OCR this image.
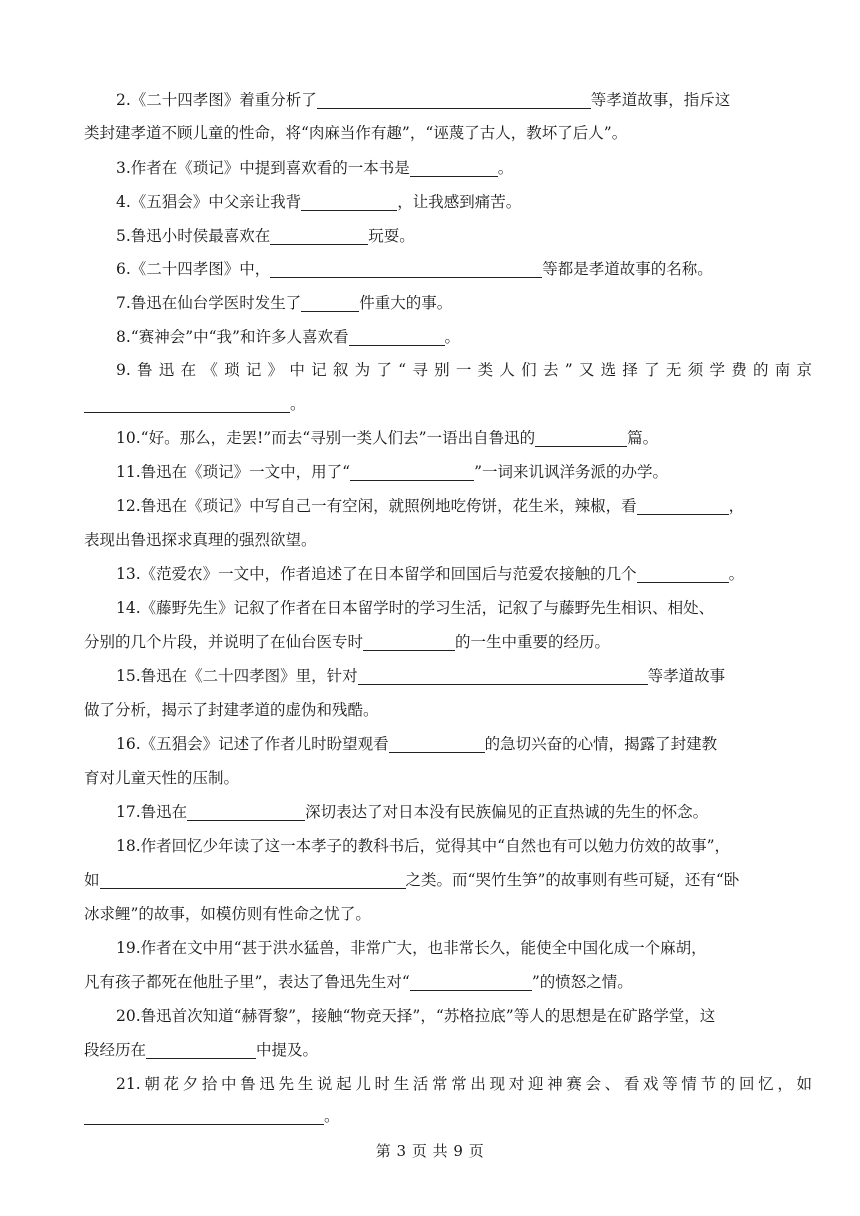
2.《二十四孝图》着重分析了	等孝道故事，指斥这
类封建孝道不顾儿童的性命，将“肉麻当作有趣”，“诬蔑了古人，教坏了后人”。
3.作者在《琐记》中提到喜欢看的一本书是	。
4.《五猖会》中父亲让我背	，让我感到痛苦。
5.鲁迅小时侯最喜欢在	玩耍。
6.《二十四孝图》中，	等都是孝道故事的名称。
7.鲁迅在仙台学医时发生了	件重大的事。
8.“赛神会”中“我”和许多人喜欢看	。
9.鲁迅在《琐记》中记叙为了“寻别一类人们去”又选择了无须学费的南京
。
10.“好。那么，走罢!”而去“寻别一类人们去”一语出自鲁迅的	篇。
11.鲁迅在《琐记》一文中，用了“	”一词来讥讽洋务派的办学。
12.鲁迅在《琐记》中写自己一有空闲，就照例地吃侉饼，花生米，辣椒，看	，
表现出鲁迅探求真理的强烈欲望。
13.《范爱农》一文中，作者追述了在日本留学和回国后与范爱农接触的几个	。
14.《藤野先生》记叙了作者在日本留学时的学习生活，记叙了与藤野先生相识、相处、
分别的几个片段，并说明了在仙台医专时	的一生中重要的经历。
15.鲁迅在《二十四孝图》里，针对	等孝道故事
做了分析，揭示了封建孝道的虚伪和残酷。
16.《五猖会》记述了作者儿时盼望观看	的急切兴奋的心情，揭露了封建教
育对儿童天性的压制。
17.鲁迅在	深切表达了对日本没有民族偏见的正直热诚的先生的怀念。
18.作者回忆少年读了这一本孝子的教科书后，觉得其中“自然也有可以勉力仿效的故事”，
如	之类。而“哭竹生笋”的故事则有些可疑，还有“卧
冰求鲤”的故事，如模仿则有性命之忧了。
19.作者在文中用“甚于洪水猛兽，非常广大，也非常长久，能使全中国化成一个麻胡，
凡有孩子都死在他肚子里”，表达了鲁迅先生对“	”的愤怒之情。
20.鲁迅首次知道“赫胥黎”，接触“物竞天择”，“苏格拉底”等人的思想是在矿路学堂，这
段经历在	中提及。
21.朝花夕拾中鲁迅先生说起儿时生活常常出现对迎神赛会、看戏等情节的回忆，如
。
第 3 页 共 9 页
